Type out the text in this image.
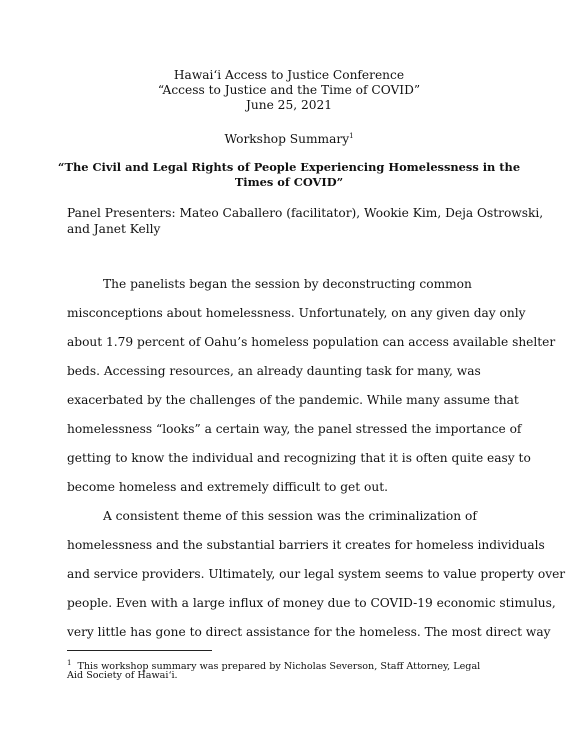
Hawaiʻi Access to Justice Conference
“Access to Justice and the Time of COVID”
June 25, 2021
Workshop Summary$^1$
“The Civil and Legal Rights of People Experiencing Homelessness in the
Times of COVID”
Panel Presenters: Mateo Caballero (facilitator), Wookie Kim, Deja Ostrowski,
and Janet Kelly
The panelists began the session by deconstructing common
misconceptions about homelessness. Unfortunately, on any given day only
about 1.79 percent of Oahu’s homeless population can access available shelter
beds. Accessing resources, an already daunting task for many, was
exacerbated by the challenges of the pandemic. While many assume that
homelessness “looks” a certain way, the panel stressed the importance of
getting to know the individual and recognizing that it is often quite easy to
become homeless and extremely difficult to get out.
A consistent theme of this session was the criminalization of
homelessness and the substantial barriers it creates for homeless individuals
and service providers. Ultimately, our legal system seems to value property over
people. Even with a large influx of money due to COVID-19 economic stimulus,
very little has gone to direct assistance for the homeless. The most direct way
$^1$ This workshop summary was prepared by Nicholas Severson, Staff Attorney, Legal
Aid Society of Hawaiʻi.
